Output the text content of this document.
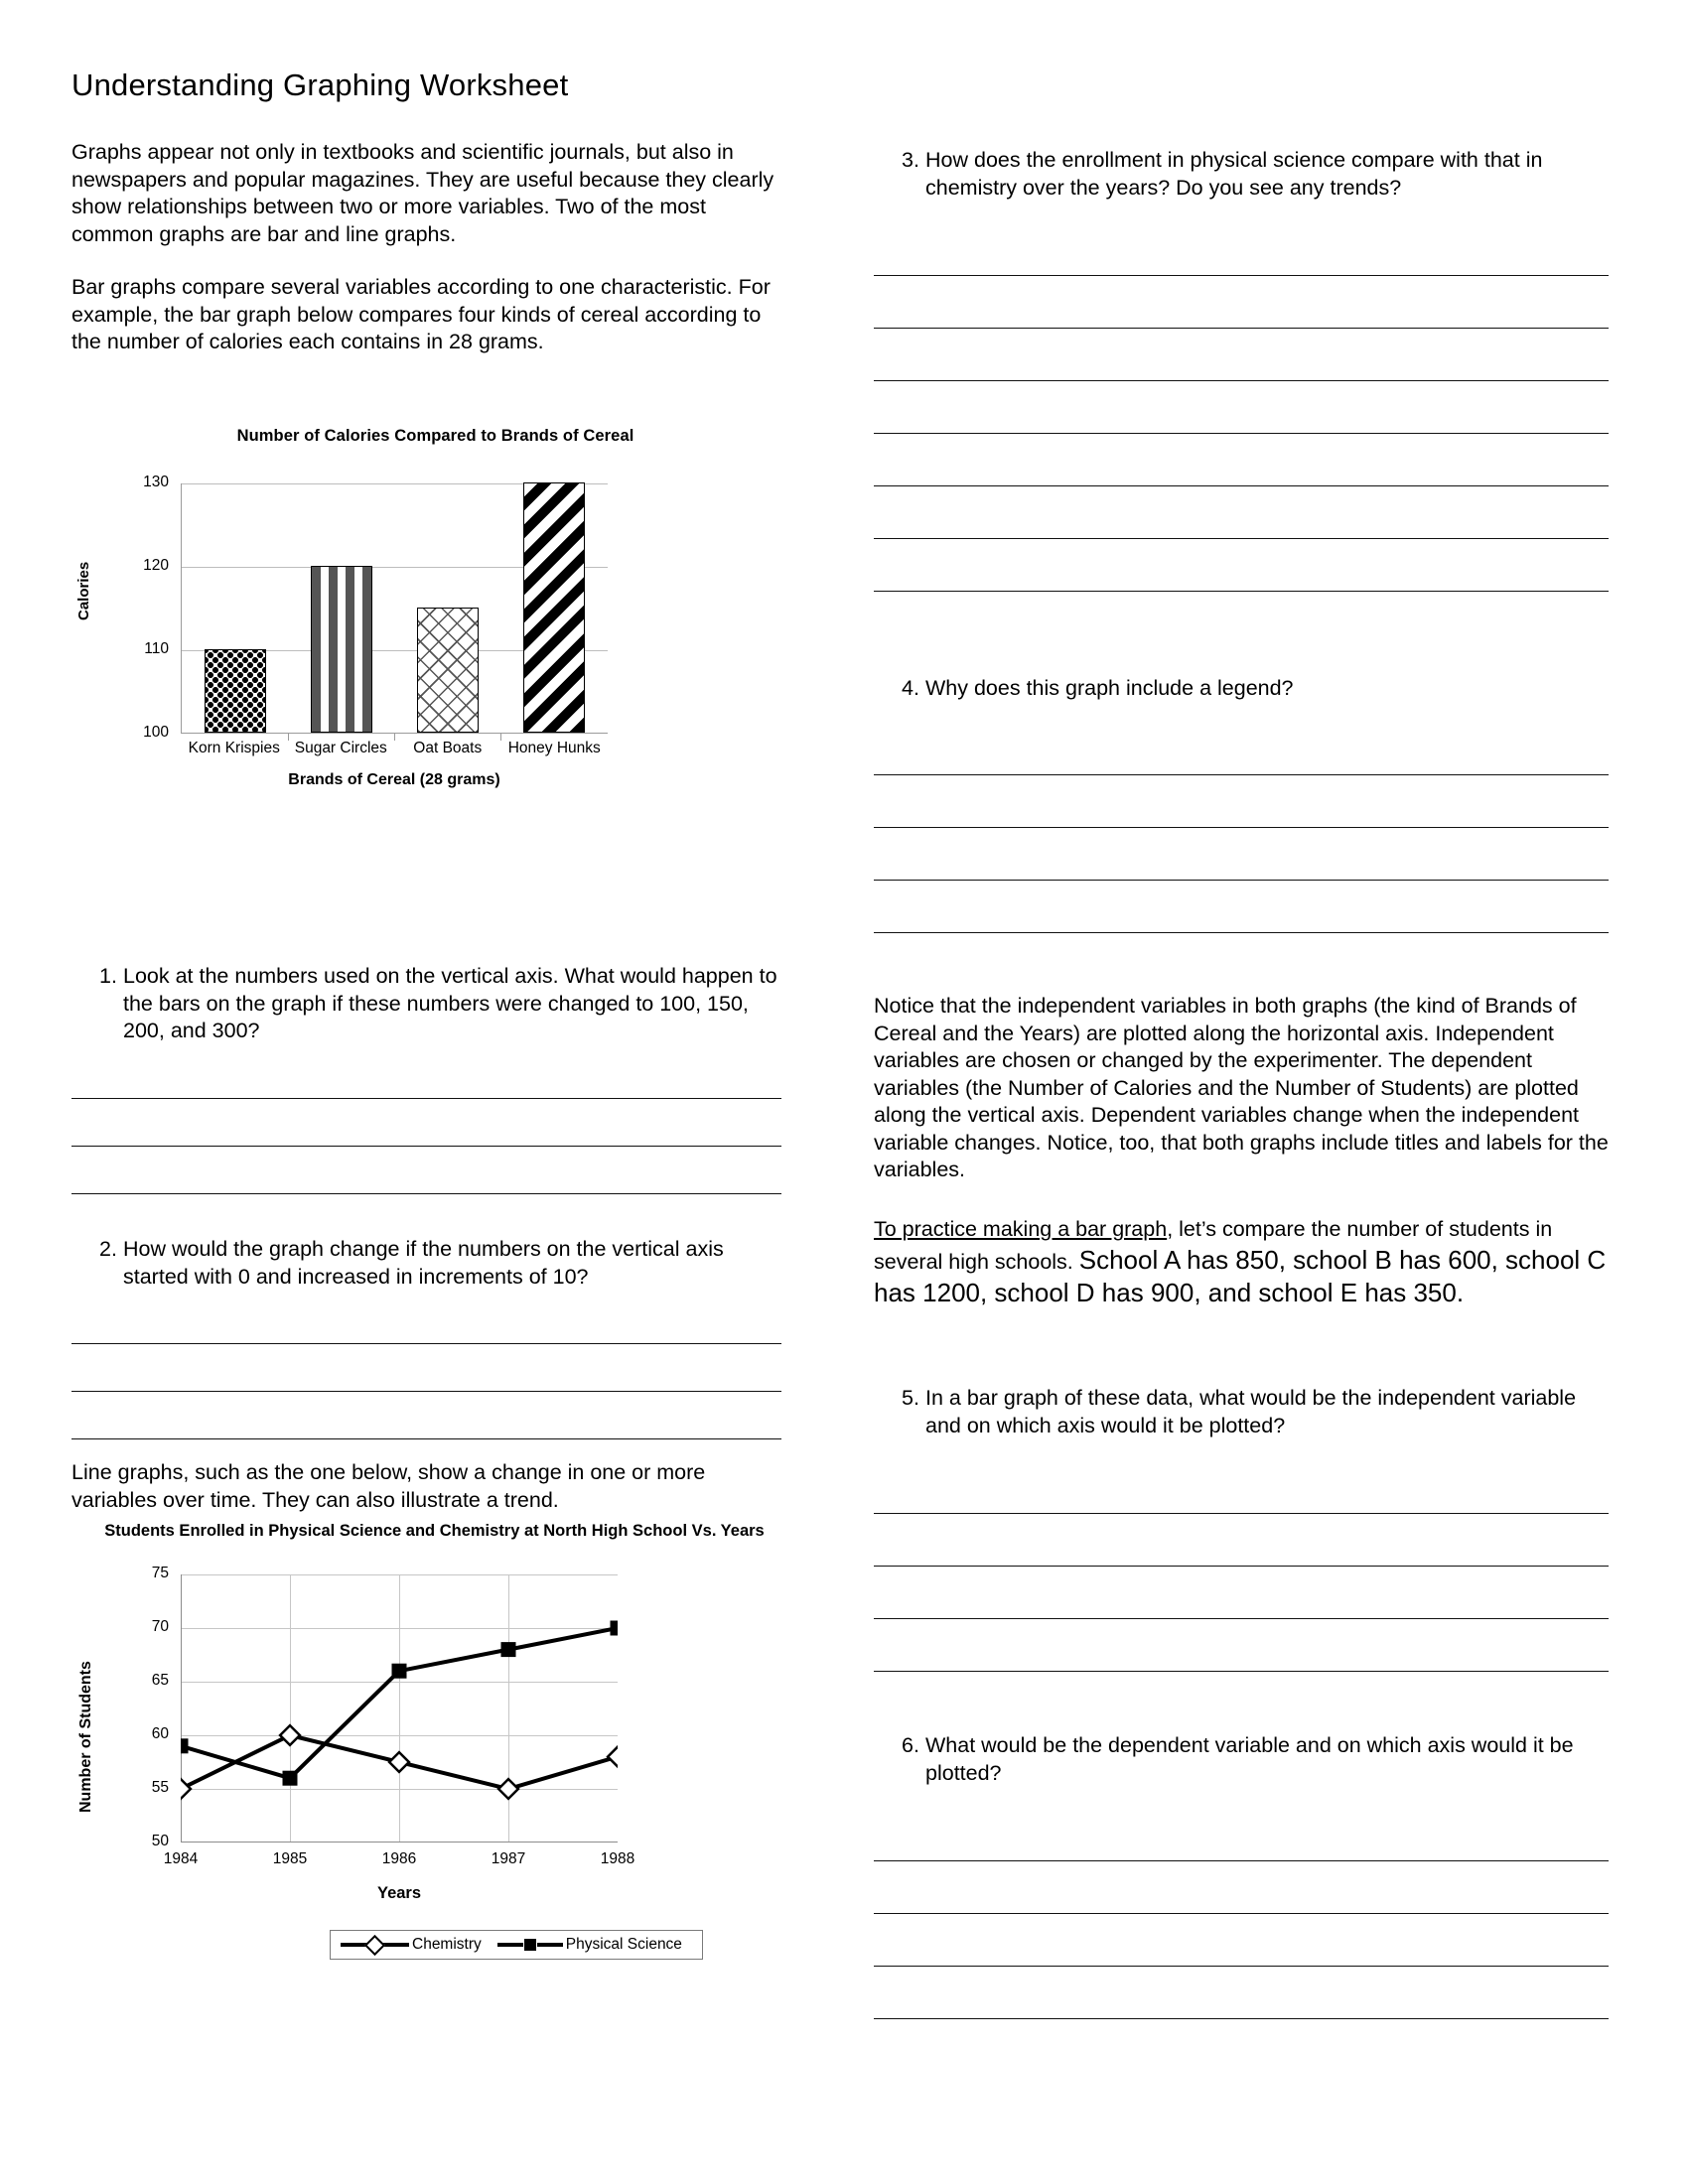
Understanding Graphing Worksheet

Graphs appear not only in textbooks and scientific journals, but also in newspapers and popular magazines. They are useful because they clearly show relationships between two or more variables. Two of the most common graphs are bar and line graphs.

Bar graphs compare several variables according to one characteristic. For example, the bar graph below compares four kinds of cereal according to the number of calories each contains in 28 grams.

Number of Calories Compared to Brands of Cereal
Calories
130
120
110
100
Korn Krispies Sugar Circles	Oat Boats	Honey Hunks
Brands of Cereal (28 grams)
1. Look at the numbers used on the vertical axis. What would happen to the bars on the graph if these numbers were changed to 100, 150, 200, and 300?
2. How would the graph change if the numbers on the vertical axis started with 0 and increased in increments of 10?

Line graphs, such as the one below, show a change in one or more variables over time. They can also illustrate a trend.

Students Enrolled in Physical Science and Chemistry at North High School Vs. Years
Number of Students
75
70
65
60
55
50
1984	1985	1986	1987	1988
Years
Chemistry	Physical Science
3. How does the enrollment in physical science compare with that in chemistry over the years? Do you see any trends?
4. Why does this graph include a legend?

Notice that the independent variables in both graphs (the kind of Brands of Cereal and the Years) are plotted along the horizontal axis. Independent variables are chosen or changed by the experimenter. The dependent variables (the Number of Calories and the Number of Students) are plotted along the vertical axis. Dependent variables change when the independent variable changes. Notice, too, that both graphs include titles and labels for the variables.

To practice making a bar graph, let’s compare the number of students in several high schools. School A has 850, school B has 600, school C has 1200, school D has 900, and school E has 350.

5. In a bar graph of these data, what would be the independent variable and on which axis would it be plotted?
6. What would be the dependent variable and on which axis would it be plotted?
